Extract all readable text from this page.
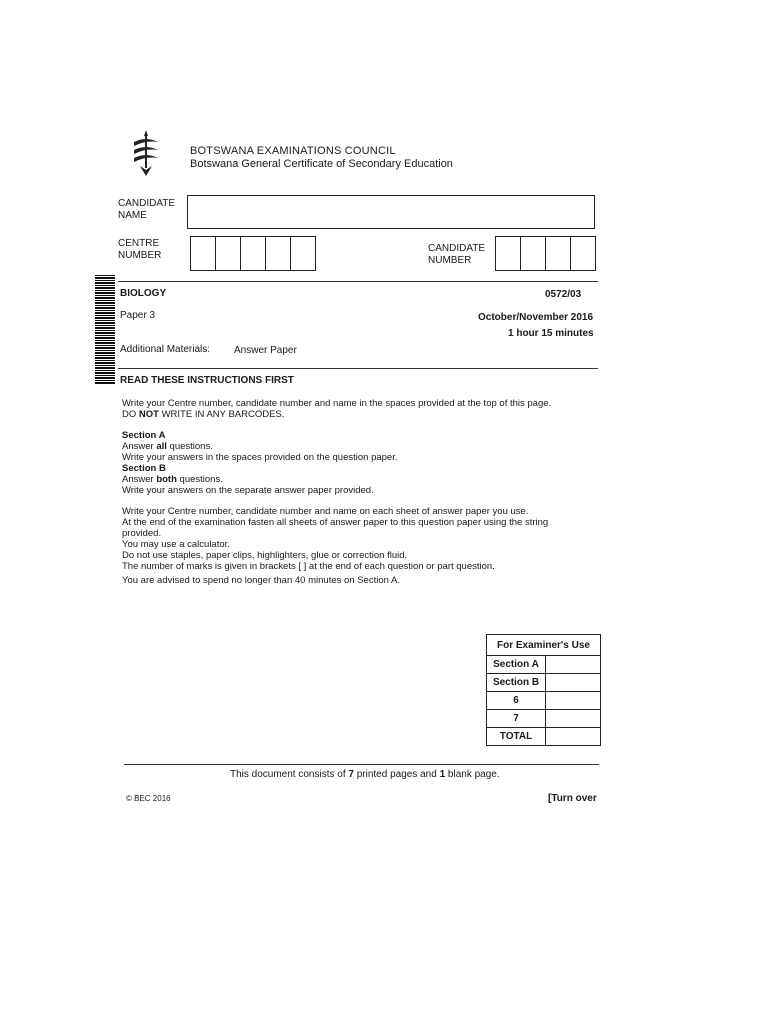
BOTSWANA EXAMINATIONS COUNCIL
Botswana General Certificate of Secondary Education
CANDIDATE
NAME
CENTRE
NUMBER
CANDIDATE
NUMBER
BIOLOGY	0572/03
Paper 3	October/November 2016
1 hour 15 minutes
Additional Materials: Answer Paper
READ THESE INSTRUCTIONS FIRST
Write your Centre number, candidate number and name in the spaces provided at the top of this page.
DO NOT WRITE IN ANY BARCODES.
Section A
Answer all questions.
Write your answers in the spaces provided on the question paper.
Section B
Answer both questions.
Write your answers on the separate answer paper provided.
Write your Centre number, candidate number and name on each sheet of answer paper you use.
At the end of the examination fasten all sheets of answer paper to this question paper using the string
provided.
You may use a calculator.
Do not use staples, paper clips, highlighters, glue or correction fluid.
The number of marks is given in brackets [ ] at the end of each question or part question.
You are advised to spend no longer than 40 minutes on Section A.
For Examiner's Use	
Section A	
Section B	
6	
7	
TOTAL	
This document consists of 7 printed pages and 1 blank page.
© BEC 2016	[Turn over
